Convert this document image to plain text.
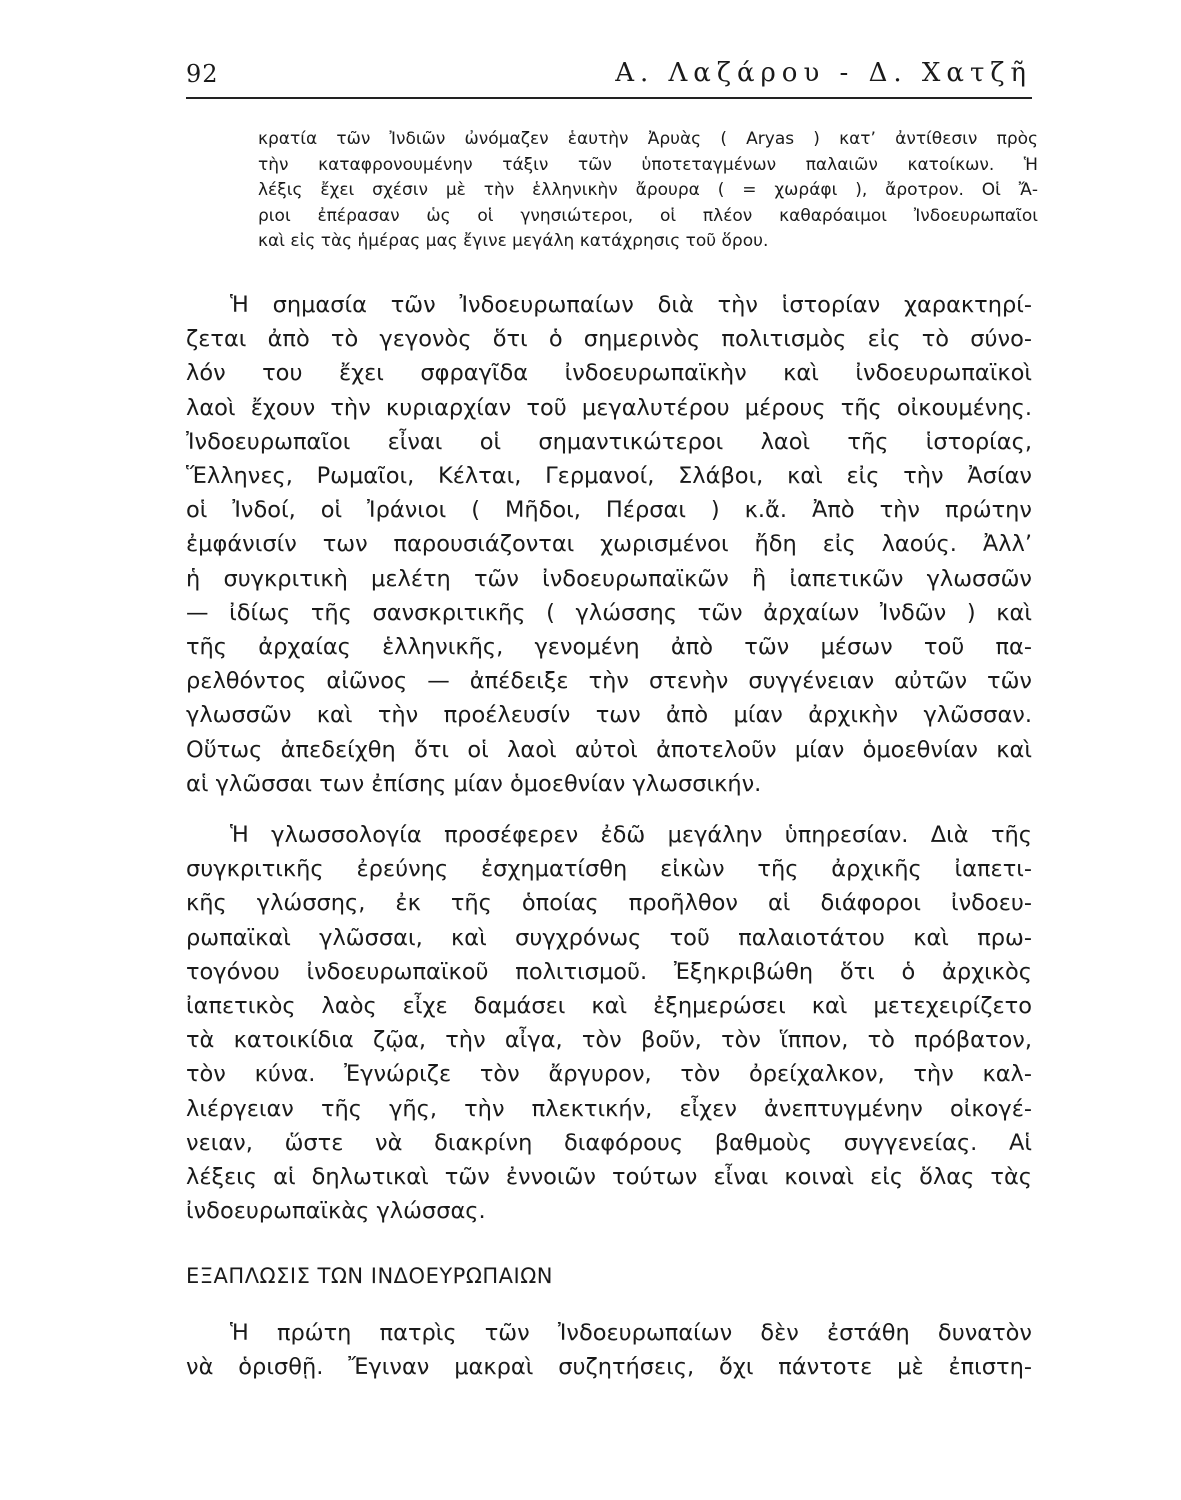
92	Α. Λαζάρου - Δ. Χατζῆ
κρατία τῶν Ἰνδιῶν ὠνόμαζεν ἑαυτὴν Ἀρυὰς ( Aryas ) κατ’ ἀντίθεσιν πρὸς
τὴν καταφρονουμένην τάξιν τῶν ὑποτεταγμένων παλαιῶν κατοίκων. Ἡ
λέξις ἔχει σχέσιν μὲ τὴν ἑλληνικὴν ἄρουρα ( = χωράφι ), ἄροτρον. Οἱ Ἄ-
ριοι ἐπέρασαν ὡς οἱ γνησιώτεροι, οἱ πλέον καθαρόαιμοι Ἰνδοευρωπαῖοι
καὶ εἰς τὰς ἡμέρας μας ἔγινε μεγάλη κατάχρησις τοῦ ὅρου.
Ἡ σημασία τῶν Ἰνδοευρωπαίων διὰ τὴν ἱστορίαν χαρακτηρί-
ζεται ἀπὸ τὸ γεγονὸς ὅτι ὁ σημερινὸς πολιτισμὸς εἰς τὸ σύνο-
λόν του ἔχει σφραγῖδα ἰνδοευρωπαϊκὴν καὶ ἰνδοευρωπαϊκοὶ
λαοὶ ἔχουν τὴν κυριαρχίαν τοῦ μεγαλυτέρου μέρους τῆς οἰκουμένης.
Ἰνδοευρωπαῖοι εἶναι οἱ σημαντικώτεροι λαοὶ τῆς ἱστορίας,
Ἕλληνες, Ρωμαῖοι, Κέλται, Γερμανοί, Σλάβοι, καὶ εἰς τὴν Ἀσίαν
οἱ Ἰνδοί, οἱ Ἰράνιοι ( Μῆδοι, Πέρσαι ) κ.ἄ. Ἀπὸ τὴν πρώτην
ἐμφάνισίν των παρουσιάζονται χωρισμένοι ἤδη εἰς λαούς. Ἀλλ’
ἡ συγκριτικὴ μελέτη τῶν ἰνδοευρωπαϊκῶν ἢ ἰαπετικῶν γλωσσῶν
— ἰδίως τῆς σανσκριτικῆς ( γλώσσης τῶν ἀρχαίων Ἰνδῶν ) καὶ
τῆς ἀρχαίας ἑλληνικῆς, γενομένη ἀπὸ τῶν μέσων τοῦ πα-
ρελθόντος αἰῶνος — ἀπέδειξε τὴν στενὴν συγγένειαν αὐτῶν τῶν
γλωσσῶν καὶ τὴν προέλευσίν των ἀπὸ μίαν ἀρχικὴν γλῶσσαν.
Οὕτως ἀπεδείχθη ὅτι οἱ λαοὶ αὐτοὶ ἀποτελοῦν μίαν ὁμοεθνίαν καὶ
αἱ γλῶσσαι των ἐπίσης μίαν ὁμοεθνίαν γλωσσικήν.
Ἡ γλωσσολογία προσέφερεν ἐδῶ μεγάλην ὑπηρεσίαν. Διὰ τῆς
συγκριτικῆς ἐρεύνης ἐσχηματίσθη εἰκὼν τῆς ἀρχικῆς ἰαπετι-
κῆς γλώσσης, ἐκ τῆς ὁποίας προῆλθον αἱ διάφοροι ἰνδοευ-
ρωπαϊκαὶ γλῶσσαι, καὶ συγχρόνως τοῦ παλαιοτάτου καὶ πρω-
τογόνου ἰνδοευρωπαϊκοῦ πολιτισμοῦ. Ἐξηκριβώθη ὅτι ὁ ἀρχικὸς
ἰαπετικὸς λαὸς εἶχε δαμάσει καὶ ἐξημερώσει καὶ μετεχειρίζετο
τὰ κατοικίδια ζῷα, τὴν αἶγα, τὸν βοῦν, τὸν ἵππον, τὸ πρόβατον,
τὸν κύνα. Ἐγνώριζε τὸν ἄργυρον, τὸν ὀρείχαλκον, τὴν καλ-
λιέργειαν τῆς γῆς, τὴν πλεκτικήν, εἶχεν ἀνεπτυγμένην οἰκογέ-
νειαν, ὥστε νὰ διακρίνη διαφόρους βαθμοὺς συγγενείας. Αἱ
λέξεις αἱ δηλωτικαὶ τῶν ἐννοιῶν τούτων εἶναι κοιναὶ εἰς ὅλας τὰς
ἰνδοευρωπαϊκὰς γλώσσας.
ΕΞΑΠΛΩΣΙΣ ΤΩΝ ΙΝΔΟΕΥΡΩΠΑΙΩΝ
Ἡ πρώτη πατρὶς τῶν Ἰνδοευρωπαίων δὲν ἐστάθη δυνατὸν
νὰ ὁρισθῇ. Ἔγιναν μακραὶ συζητήσεις, ὄχι πάντοτε μὲ ἐπιστη-
